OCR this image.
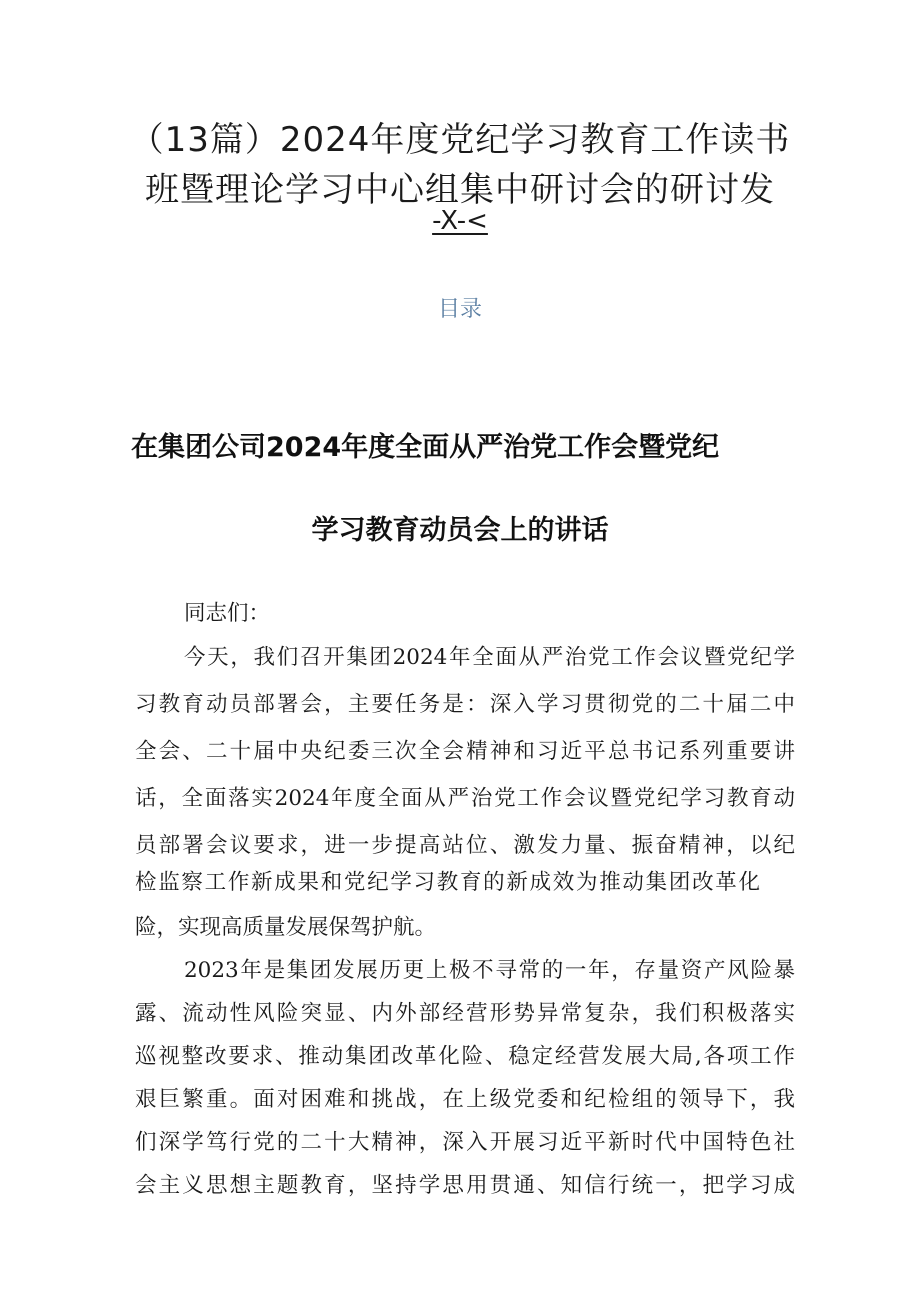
（13篇）2024年度党纪学习教育工作读书
班暨理论学习中心组集中研讨会的研讨发
-X-<
目录
在集团公司2024年度全面从严治党工作会暨党纪
学习教育动员会上的讲话
同志们：
今天，我们召开集团2024年全面从严治党工作会议暨党纪学
习教育动员部署会，主要任务是：深入学习贯彻党的二十届二中
全会、二十届中央纪委三次全会精神和习近平总书记系列重要讲
话，全面落实2024年度全面从严治党工作会议暨党纪学习教育动
员部署会议要求，进一步提高站位、激发力量、振奋精神，以纪
检监察工作新成果和党纪学习教育的新成效为推动集团改革化
险，实现高质量发展保驾护航。
2023年是集团发展历更上极不寻常的一年，存量资产风险暴
露、流动性风险突显、内外部经营形势异常复杂，我们积极落实
巡视整改要求、推动集团改革化险、稳定经营发展大局,各项工作
艰巨繁重。面对困难和挑战，在上级党委和纪检组的领导下，我
们深学笃行党的二十大精神，深入开展习近平新时代中国特色社
会主义思想主题教育，坚持学思用贯通、知信行统一，把学习成
